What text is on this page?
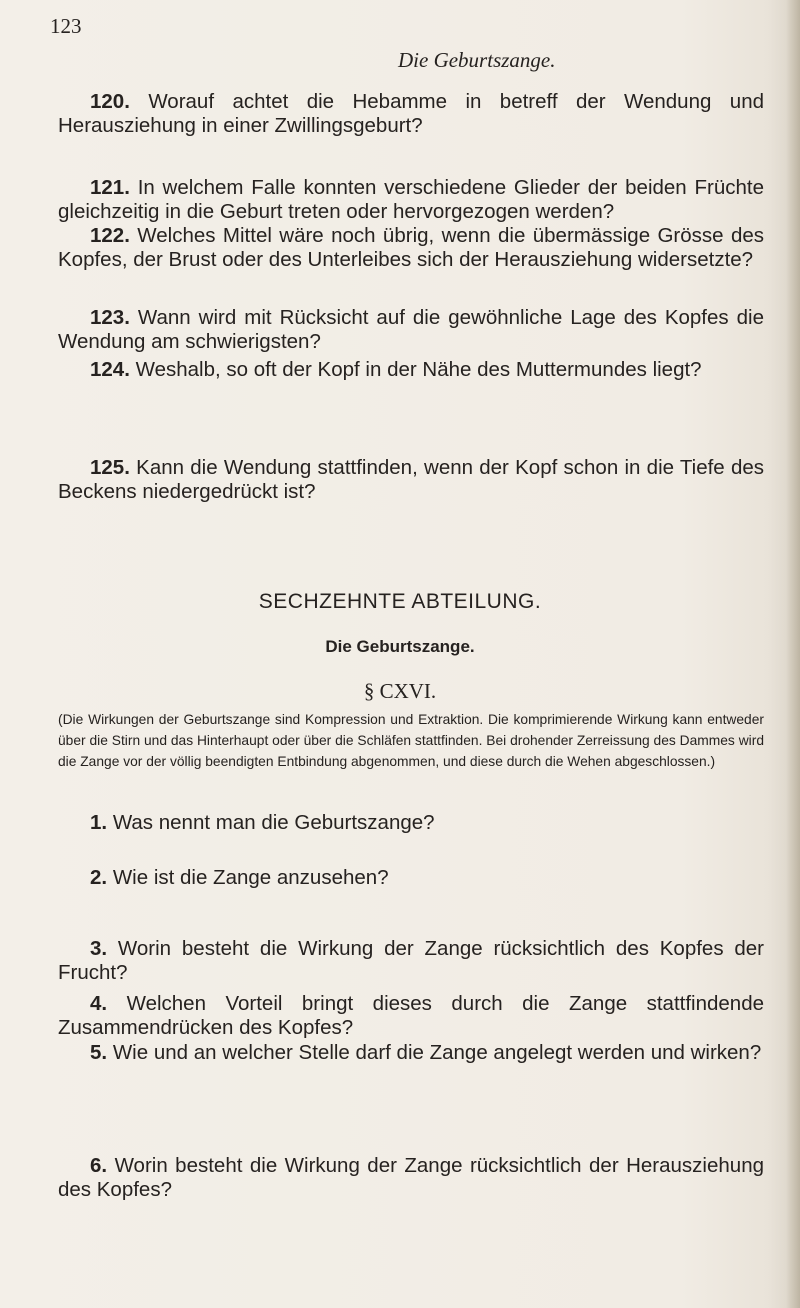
123
Die Geburtszange.

120. Worauf achtet die Hebamme in betreff der Wendung und Herausziehung in einer Zwillingsgeburt?

121. In welchem Falle konnten verschiedene Glieder der beiden Früchte gleichzeitig in die Geburt treten oder hervorgezogen werden?

122. Welches Mittel wäre noch übrig, wenn die übermässige Grösse des Kopfes, der Brust oder des Unterleibes sich der Herausziehung widersetzte?

123. Wann wird mit Rücksicht auf die gewöhnliche Lage des Kopfes die Wendung am schwierigsten?

124. Weshalb, so oft der Kopf in der Nähe des Muttermundes liegt?

125. Kann die Wendung stattfinden, wenn der Kopf schon in die Tiefe des Beckens niedergedrückt ist?

SECHZEHNTE ABTEILUNG.
Die Geburtszange.
§ CXVI.

(Die Wirkungen der Geburtszange sind Kompression und Extraktion. Die komprimierende Wirkung kann entweder über die Stirn und das Hinterhaupt oder über die Schläfen stattfinden. Bei drohender Zerreissung des Dammes wird die Zange vor der völlig beendigten Entbindung abgenommen, und diese durch die Wehen abgeschlossen.)

1. Was nennt man die Geburtszange?

2. Wie ist die Zange anzusehen?

3. Worin besteht die Wirkung der Zange rücksichtlich des Kopfes der Frucht?

4. Welchen Vorteil bringt dieses durch die Zange stattfindende Zusammendrücken des Kopfes?

5. Wie und an welcher Stelle darf die Zange angelegt werden und wirken?

6. Worin besteht die Wirkung der Zange rücksichtlich der Herausziehung des Kopfes?
